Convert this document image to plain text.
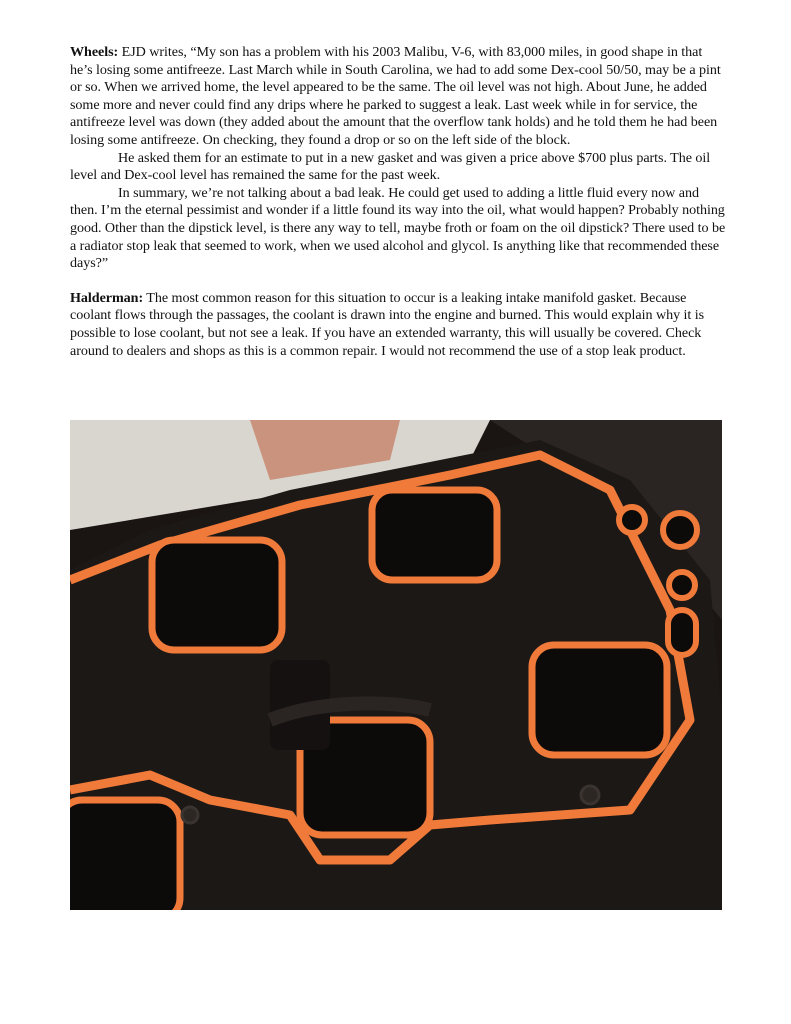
Wheels: EJD writes, “My son has a problem with his 2003 Malibu, V-6, with 83,000 miles, in good shape in that he’s losing some antifreeze. Last March while in South Carolina, we had to add some Dex-cool 50/50, may be a pint or so. When we arrived home, the level appeared to be the same. The oil level was not high. About June, he added some more and never could find any drips where he parked to suggest a leak. Last week while in for service, the antifreeze level was down (they added about the amount that the overflow tank holds) and he told them he had been losing some antifreeze. On checking, they found a drop or so on the left side of the block.

He asked them for an estimate to put in a new gasket and was given a price above $700 plus parts. The oil level and Dex-cool level has remained the same for the past week.

In summary, we’re not talking about a bad leak. He could get used to adding a little fluid every now and then. I’m the eternal pessimist and wonder if a little found its way into the oil, what would happen? Probably nothing good. Other than the dipstick level, is there any way to tell, maybe froth or foam on the oil dipstick? There used to be a radiator stop leak that seemed to work, when we used alcohol and glycol. Is anything like that recommended these days?”

Halderman: The most common reason for this situation to occur is a leaking intake manifold gasket. Because coolant flows through the passages, the coolant is drawn into the engine and burned. This would explain why it is possible to lose coolant, but not see a leak. If you have an extended warranty, this will usually be covered. Check around to dealers and shops as this is a common repair. I would not recommend the use of a stop leak product.
